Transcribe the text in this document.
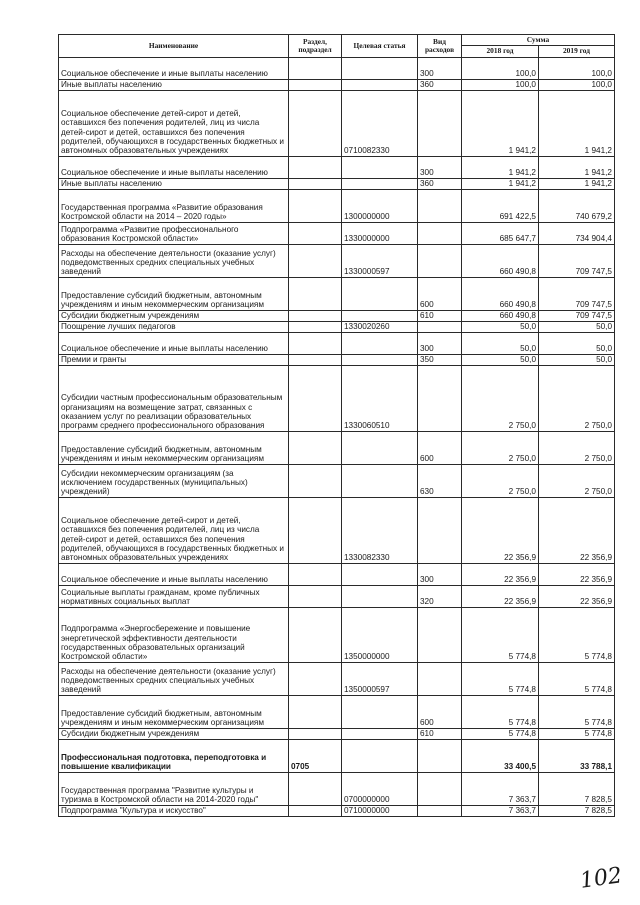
Наименование	Раздел, подраздел	Целевая статья	Вид расходов	Сумма	
				2018 год	2019 год
Социальное обеспечение и иные выплаты населению			300	100,0	100,0
Иные выплаты населению			360	100,0	100,0
Социальное обеспечение детей-сирот и детей, оставшихся без попечения родителей, лиц из числа детей-сирот и детей, оставшихся без попечения родителей, обучающихся в государственных бюджетных и автономных образовательных учреждениях		0710082330		1 941,2	1 941,2
Социальное обеспечение и иные выплаты населению			300	1 941,2	1 941,2
Иные выплаты населению			360	1 941,2	1 941,2
Государственная программа «Развитие образования Костромской области на 2014 – 2020 годы»		1300000000		691 422,5	740 679,2
Подпрограмма «Развитие профессионального образования Костромской области»		1330000000		685 647,7	734 904,4
Расходы на обеспечение деятельности (оказание услуг) подведомственных средних специальных учебных заведений		1330000597		660 490,8	709 747,5
Предоставление субсидий бюджетным, автономным учреждениям и иным некоммерческим организациям			600	660 490,8	709 747,5
Субсидии бюджетным учреждениям			610	660 490,8	709 747,5
Поощрение лучших педагогов		1330020260		50,0	50,0
Социальное обеспечение и иные выплаты населению			300	50,0	50,0
Премии и гранты			350	50,0	50,0
Субсидии частным профессиональным образовательным организациям на возмещение затрат, связанных с оказанием услуг по реализации образовательных программ среднего профессионального образования		1330060510		2 750,0	2 750,0
Предоставление субсидий бюджетным, автономным учреждениям и иным некоммерческим организациям			600	2 750,0	2 750,0
Субсидии некоммерческим организациям (за исключением государственных (муниципальных) учреждений)			630	2 750,0	2 750,0
Социальное обеспечение детей-сирот и детей, оставшихся без попечения родителей, лиц из числа детей-сирот и детей, оставшихся без попечения родителей, обучающихся в государственных бюджетных и автономных образовательных учреждениях		1330082330		22 356,9	22 356,9
Социальное обеспечение и иные выплаты населению			300	22 356,9	22 356,9
Социальные выплаты гражданам, кроме публичных нормативных социальных выплат			320	22 356,9	22 356,9
Подпрограмма «Энергосбережение и повышение энергетической эффективности деятельности государственных образовательных организаций Костромской области»		1350000000		5 774,8	5 774,8
Расходы на обеспечение деятельности (оказание услуг) подведомственных средних специальных учебных заведений		1350000597		5 774,8	5 774,8
Предоставление субсидий бюджетным, автономным учреждениям и иным некоммерческим организациям			600	5 774,8	5 774,8
Субсидии бюджетным учреждениям			610	5 774,8	5 774,8
Профессиональная подготовка, переподготовка и повышение квалификации	0705			33 400,5	33 788,1
Государственная программа "Развитие культуры и туризма в Костромской области на 2014-2020 годы"		0700000000		7 363,7	7 828,5
Подпрограмма "Культура и искусство"		0710000000		7 363,7	7 828,5
102
